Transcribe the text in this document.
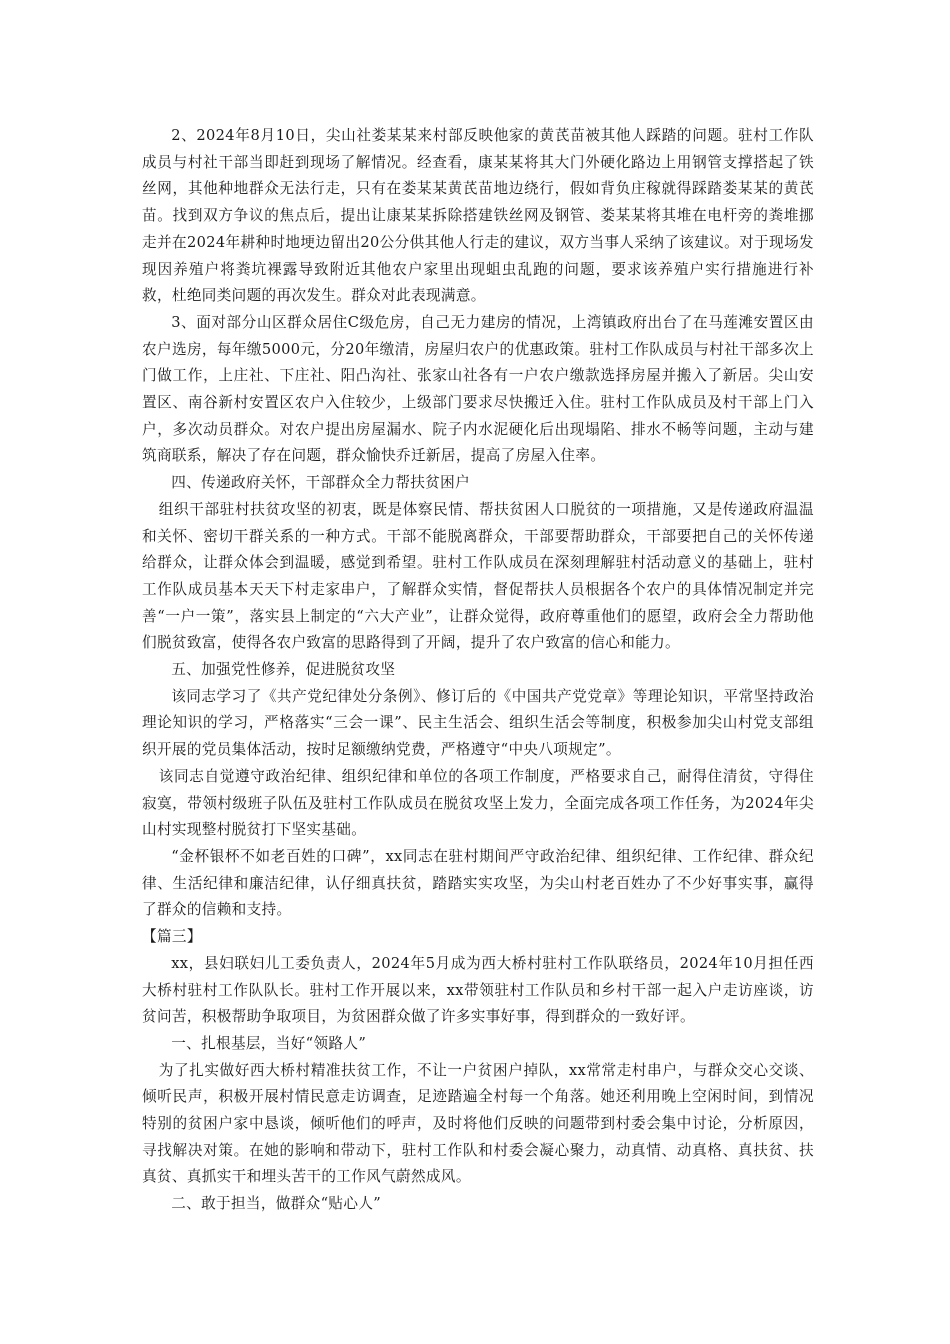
2、2024年8月10日，尖山社娄某某来村部反映他家的黄芪苗被其他人踩踏的问题。驻村工作队成员与村社干部当即赶到现场了解情况。经查看，康某某将其大门外硬化路边上用钢管支撑搭起了铁丝网，其他种地群众无法行走，只有在娄某某黄芪苗地边绕行，假如背负庄稼就得踩踏娄某某的黄芪苗。找到双方争议的焦点后，提出让康某某拆除搭建铁丝网及钢管、娄某某将其堆在电杆旁的粪堆挪走并在2024年耕种时地埂边留出20公分供其他人行走的建议，双方当事人采纳了该建议。对于现场发现因养殖户将粪坑裸露导致附近其他农户家里出现蛆虫乱跑的问题，要求该养殖户实行措施进行补救，杜绝同类问题的再次发生。群众对此表现满意。

3、面对部分山区群众居住C级危房，自己无力建房的情况，上湾镇政府出台了在马莲滩安置区由农户选房，每年缴5000元，分20年缴清，房屋归农户的优惠政策。驻村工作队成员与村社干部多次上门做工作，上庄社、下庄社、阳凸沟社、张家山社各有一户农户缴款选择房屋并搬入了新居。尖山安置区、南谷新村安置区农户入住较少，上级部门要求尽快搬迁入住。驻村工作队成员及村干部上门入户，多次动员群众。对农户提出房屋漏水、院子内水泥硬化后出现塌陷、排水不畅等问题，主动与建筑商联系，解决了存在问题，群众愉快乔迁新居，提高了房屋入住率。

四、传递政府关怀，干部群众全力帮扶贫困户

组织干部驻村扶贫攻坚的初衷，既是体察民情、帮扶贫困人口脱贫的一项措施，又是传递政府温温和关怀、密切干群关系的一种方式。干部不能脱离群众，干部要帮助群众，干部要把自己的关怀传递给群众，让群众体会到温暖，感觉到希望。驻村工作队成员在深刻理解驻村活动意义的基础上，驻村工作队成员基本天天下村走家串户，了解群众实情，督促帮扶人员根据各个农户的具体情况制定并完善“一户一策”，落实县上制定的“六大产业”，让群众觉得，政府尊重他们的愿望，政府会全力帮助他们脱贫致富，使得各农户致富的思路得到了开阔，提升了农户致富的信心和能力。

五、加强党性修养，促进脱贫攻坚

该同志学习了《共产党纪律处分条例》、修订后的《中国共产党党章》等理论知识，平常坚持政治理论知识的学习，严格落实“三会一课”、民主生活会、组织生活会等制度，积极参加尖山村党支部组织开展的党员集体活动，按时足额缴纳党费，严格遵守“中央八项规定”。

该同志自觉遵守政治纪律、组织纪律和单位的各项工作制度，严格要求自己，耐得住清贫，守得住寂寞，带领村级班子队伍及驻村工作队成员在脱贫攻坚上发力，全面完成各项工作任务，为2024年尖山村实现整村脱贫打下坚实基础。

“金杯银杯不如老百姓的口碑”，xx同志在驻村期间严守政治纪律、组织纪律、工作纪律、群众纪律、生活纪律和廉洁纪律，认仔细真扶贫，踏踏实实攻坚，为尖山村老百姓办了不少好事实事，赢得了群众的信赖和支持。

【篇三】

xx，县妇联妇儿工委负责人，2024年5月成为西大桥村驻村工作队联络员，2024年10月担任西大桥村驻村工作队队长。驻村工作开展以来，xx带领驻村工作队员和乡村干部一起入户走访座谈，访贫问苦，积极帮助争取项目，为贫困群众做了许多实事好事，得到群众的一致好评。

一、扎根基层，当好“领路人”

为了扎实做好西大桥村精准扶贫工作，不让一户贫困户掉队，xx常常走村串户，与群众交心交谈、倾听民声，积极开展村情民意走访调查，足迹踏遍全村每一个角落。她还利用晚上空闲时间，到情况特别的贫困户家中恳谈，倾听他们的呼声，及时将他们反映的问题带到村委会集中讨论，分析原因，寻找解决对策。在她的影响和带动下，驻村工作队和村委会凝心聚力，动真情、动真格、真扶贫、扶真贫、真抓实干和埋头苦干的工作风气蔚然成风。

二、敢于担当，做群众“贴心人”
